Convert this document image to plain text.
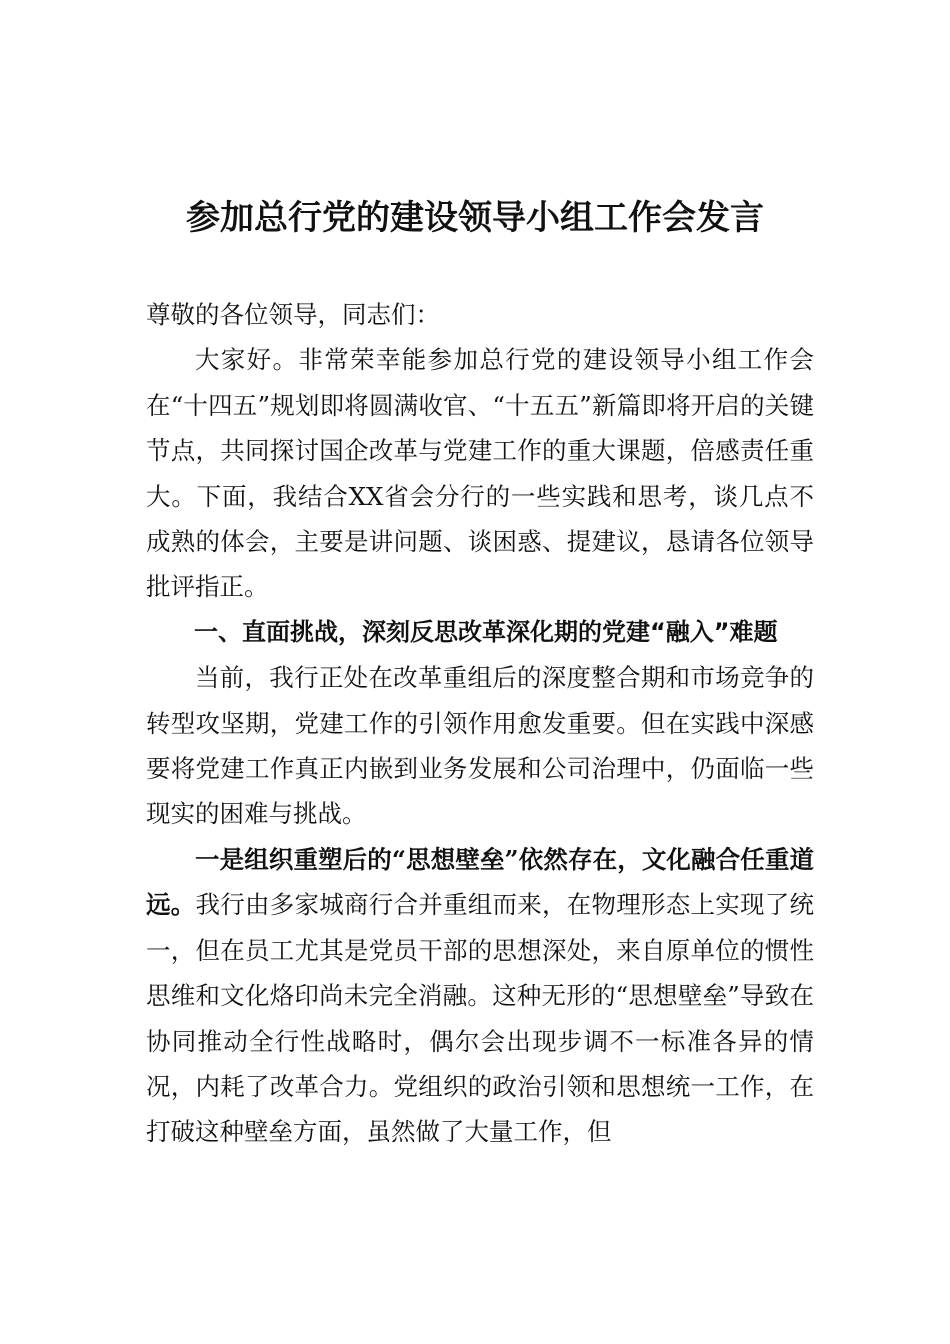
参加总行党的建设领导小组工作会发言

尊敬的各位领导，同志们：

大家好。非常荣幸能参加总行党的建设领导小组工作会在“十四五”规划即将圆满收官、“十五五”新篇即将开启的关键节点，共同探讨国企改革与党建工作的重大课题，倍感责任重大。下面，我结合XX省会分行的一些实践和思考，谈几点不成熟的体会，主要是讲问题、谈困惑、提建议，恳请各位领导批评指正。

一、直面挑战，深刻反思改革深化期的党建“融入”难题

当前，我行正处在改革重组后的深度整合期和市场竞争的转型攻坚期，党建工作的引领作用愈发重要。但在实践中深感要将党建工作真正内嵌到业务发展和公司治理中，仍面临一些现实的困难与挑战。

一是组织重塑后的“思想壁垒”依然存在，文化融合任重道远。我行由多家城商行合并重组而来，在物理形态上实现了统一，但在员工尤其是党员干部的思想深处，来自原单位的惯性思维和文化烙印尚未完全消融。这种无形的“思想壁垒”导致在协同推动全行性战略时，偶尔会出现步调不一标准各异的情况，内耗了改革合力。党组织的政治引领和思想统一工作，在打破这种壁垒方面，虽然做了大量工作，但
